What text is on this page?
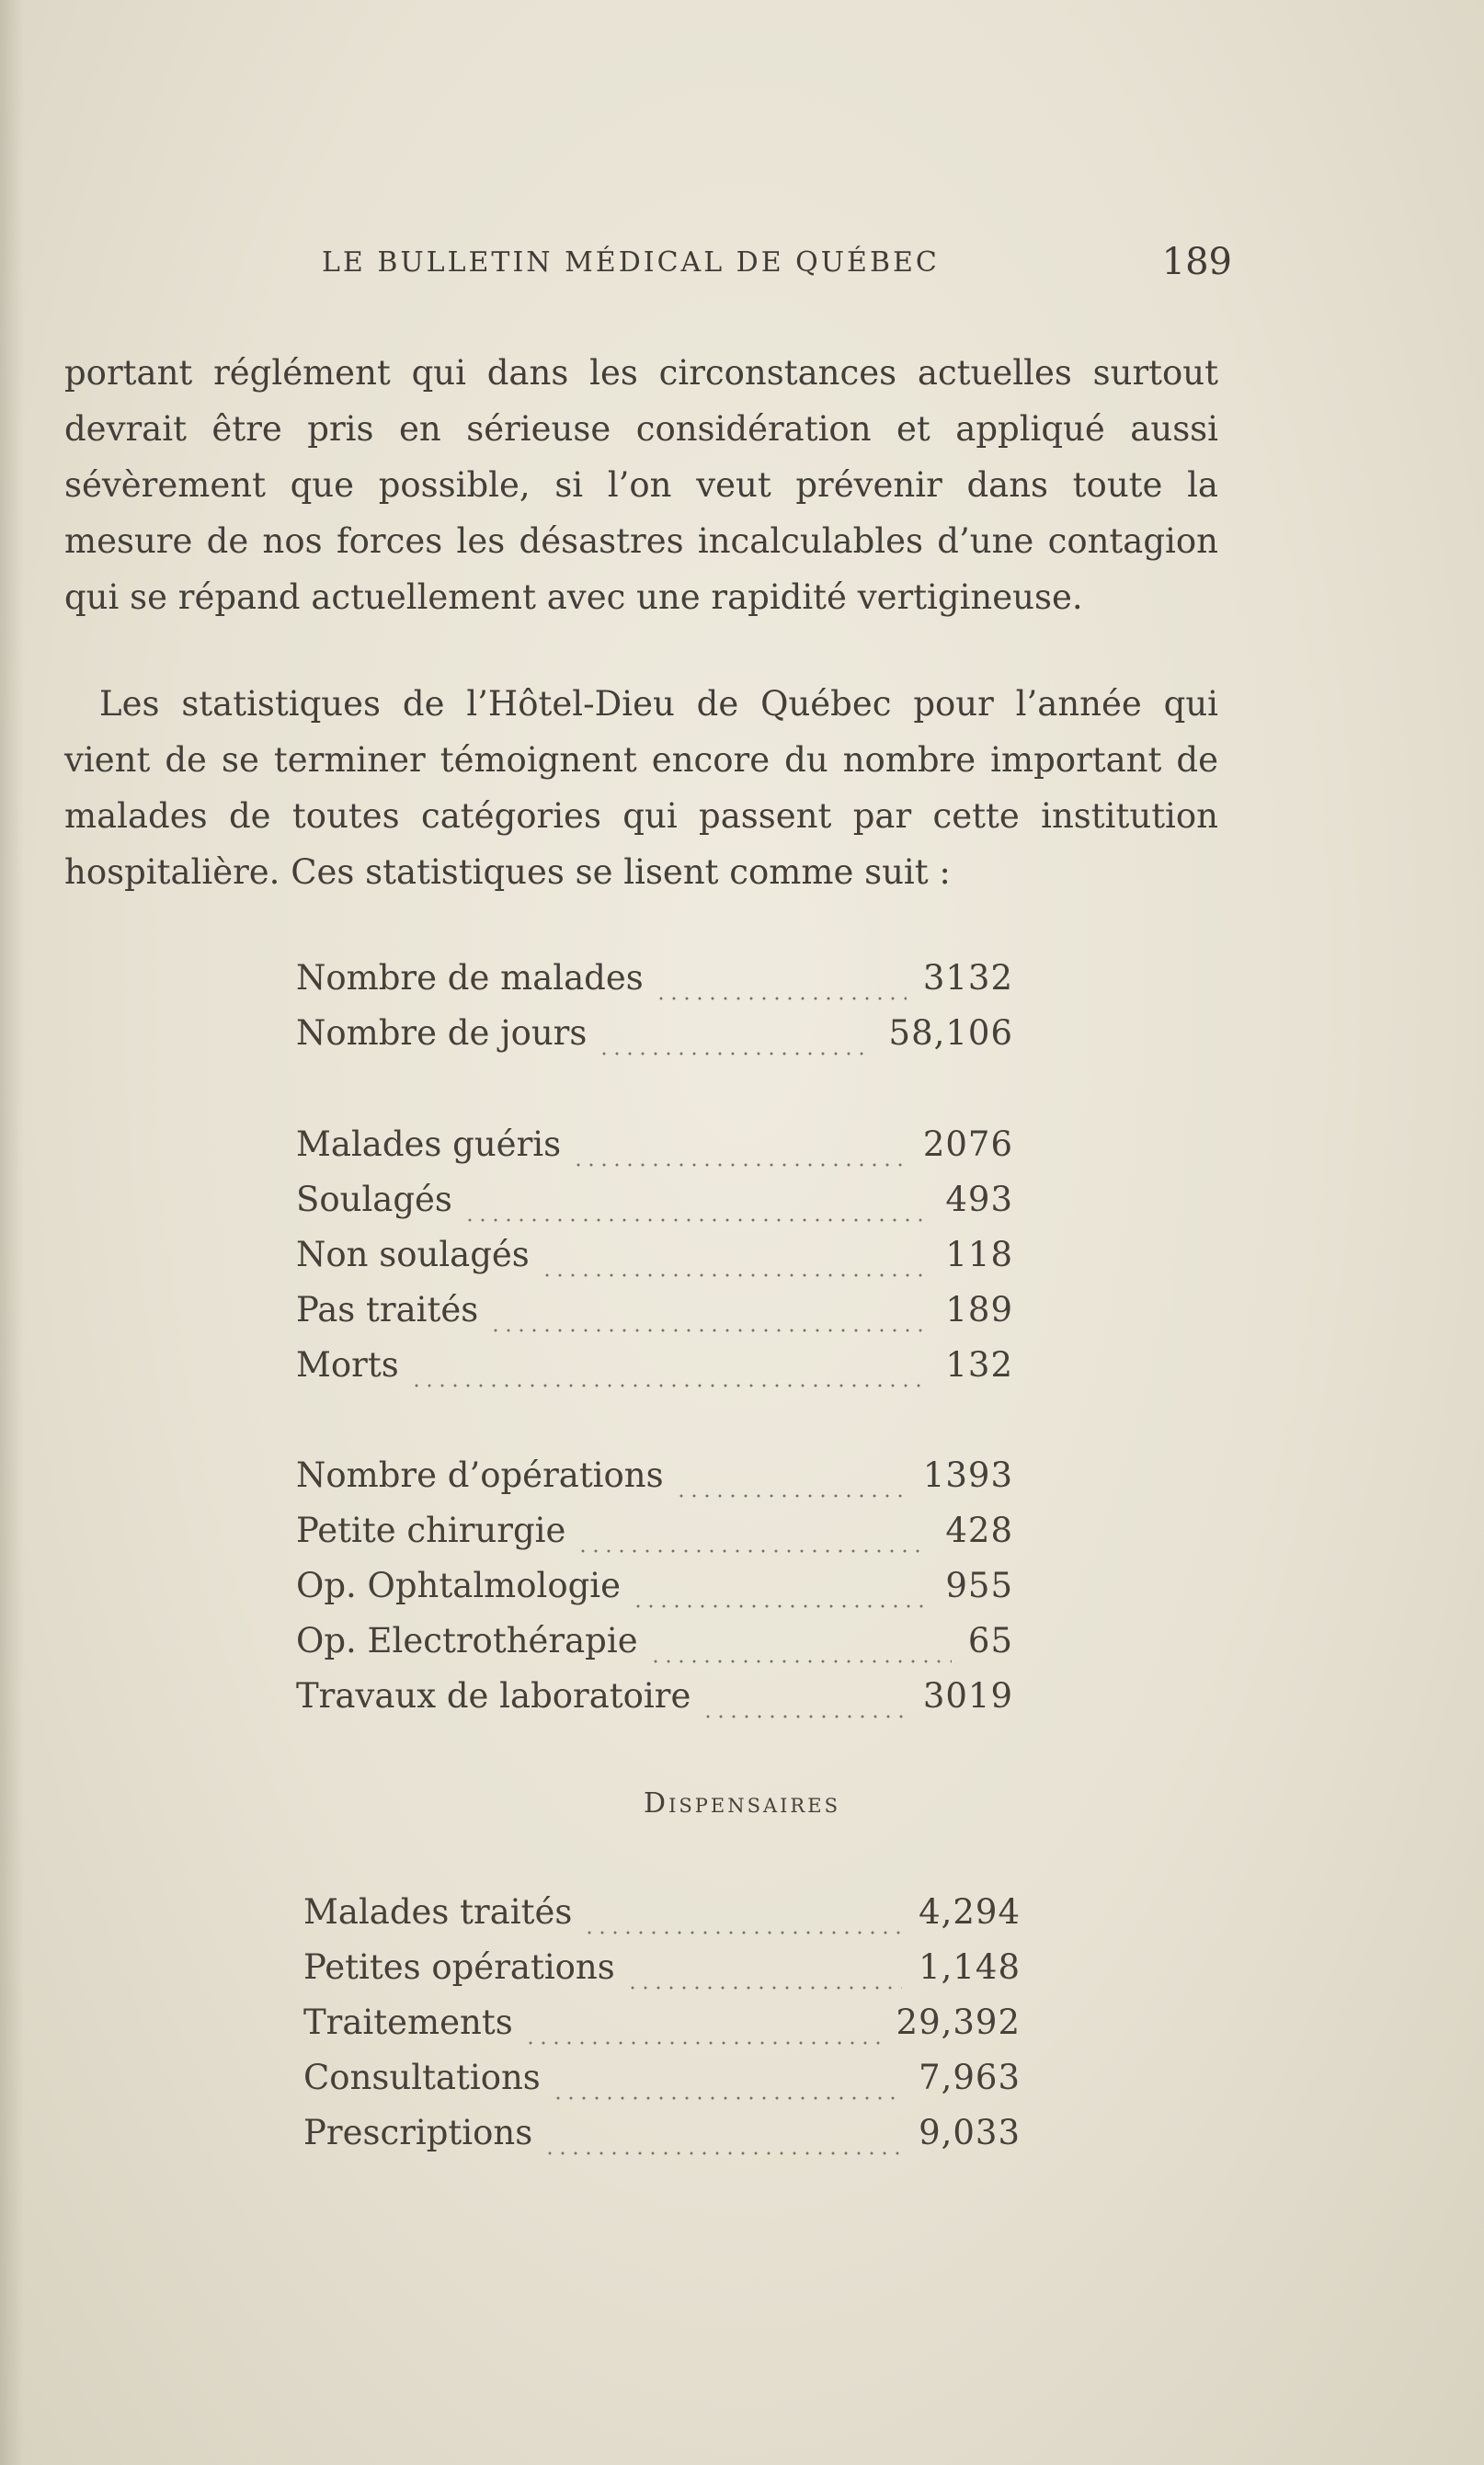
LE BULLETIN MÉDICAL DE QUÉBEC	189
portant réglément qui dans les circonstances actuelles surtout devrait être pris en sérieuse considération et appliqué aussi sévèrement que possible, si l’on veut prévenir dans toute la mesure de nos forces les désastres incalculables d’une contagion qui se répand actuellement avec une rapidité vertigineuse.
Les statistiques de l’Hôtel-Dieu de Québec pour l’année qui vient de se terminer témoignent encore du nombre important de malades de toutes catégories qui passent par cette institution hospitalière. Ces statistiques se lisent comme suit :
Nombre de malades	3132
Nombre de jours	58,106
Malades guéris	2076
Soulagés	493
Non soulagés	118
Pas traités	189
Morts	132
Nombre d’opérations	1393
Petite chirurgie	428
Op. Ophtalmologie	955
Op. Electrothérapie	65
Travaux de laboratoire	3019
Dispensaires
Malades traités	4,294
Petites opérations	1,148
Traitements	29,392
Consultations	7,963
Prescriptions	9,033
